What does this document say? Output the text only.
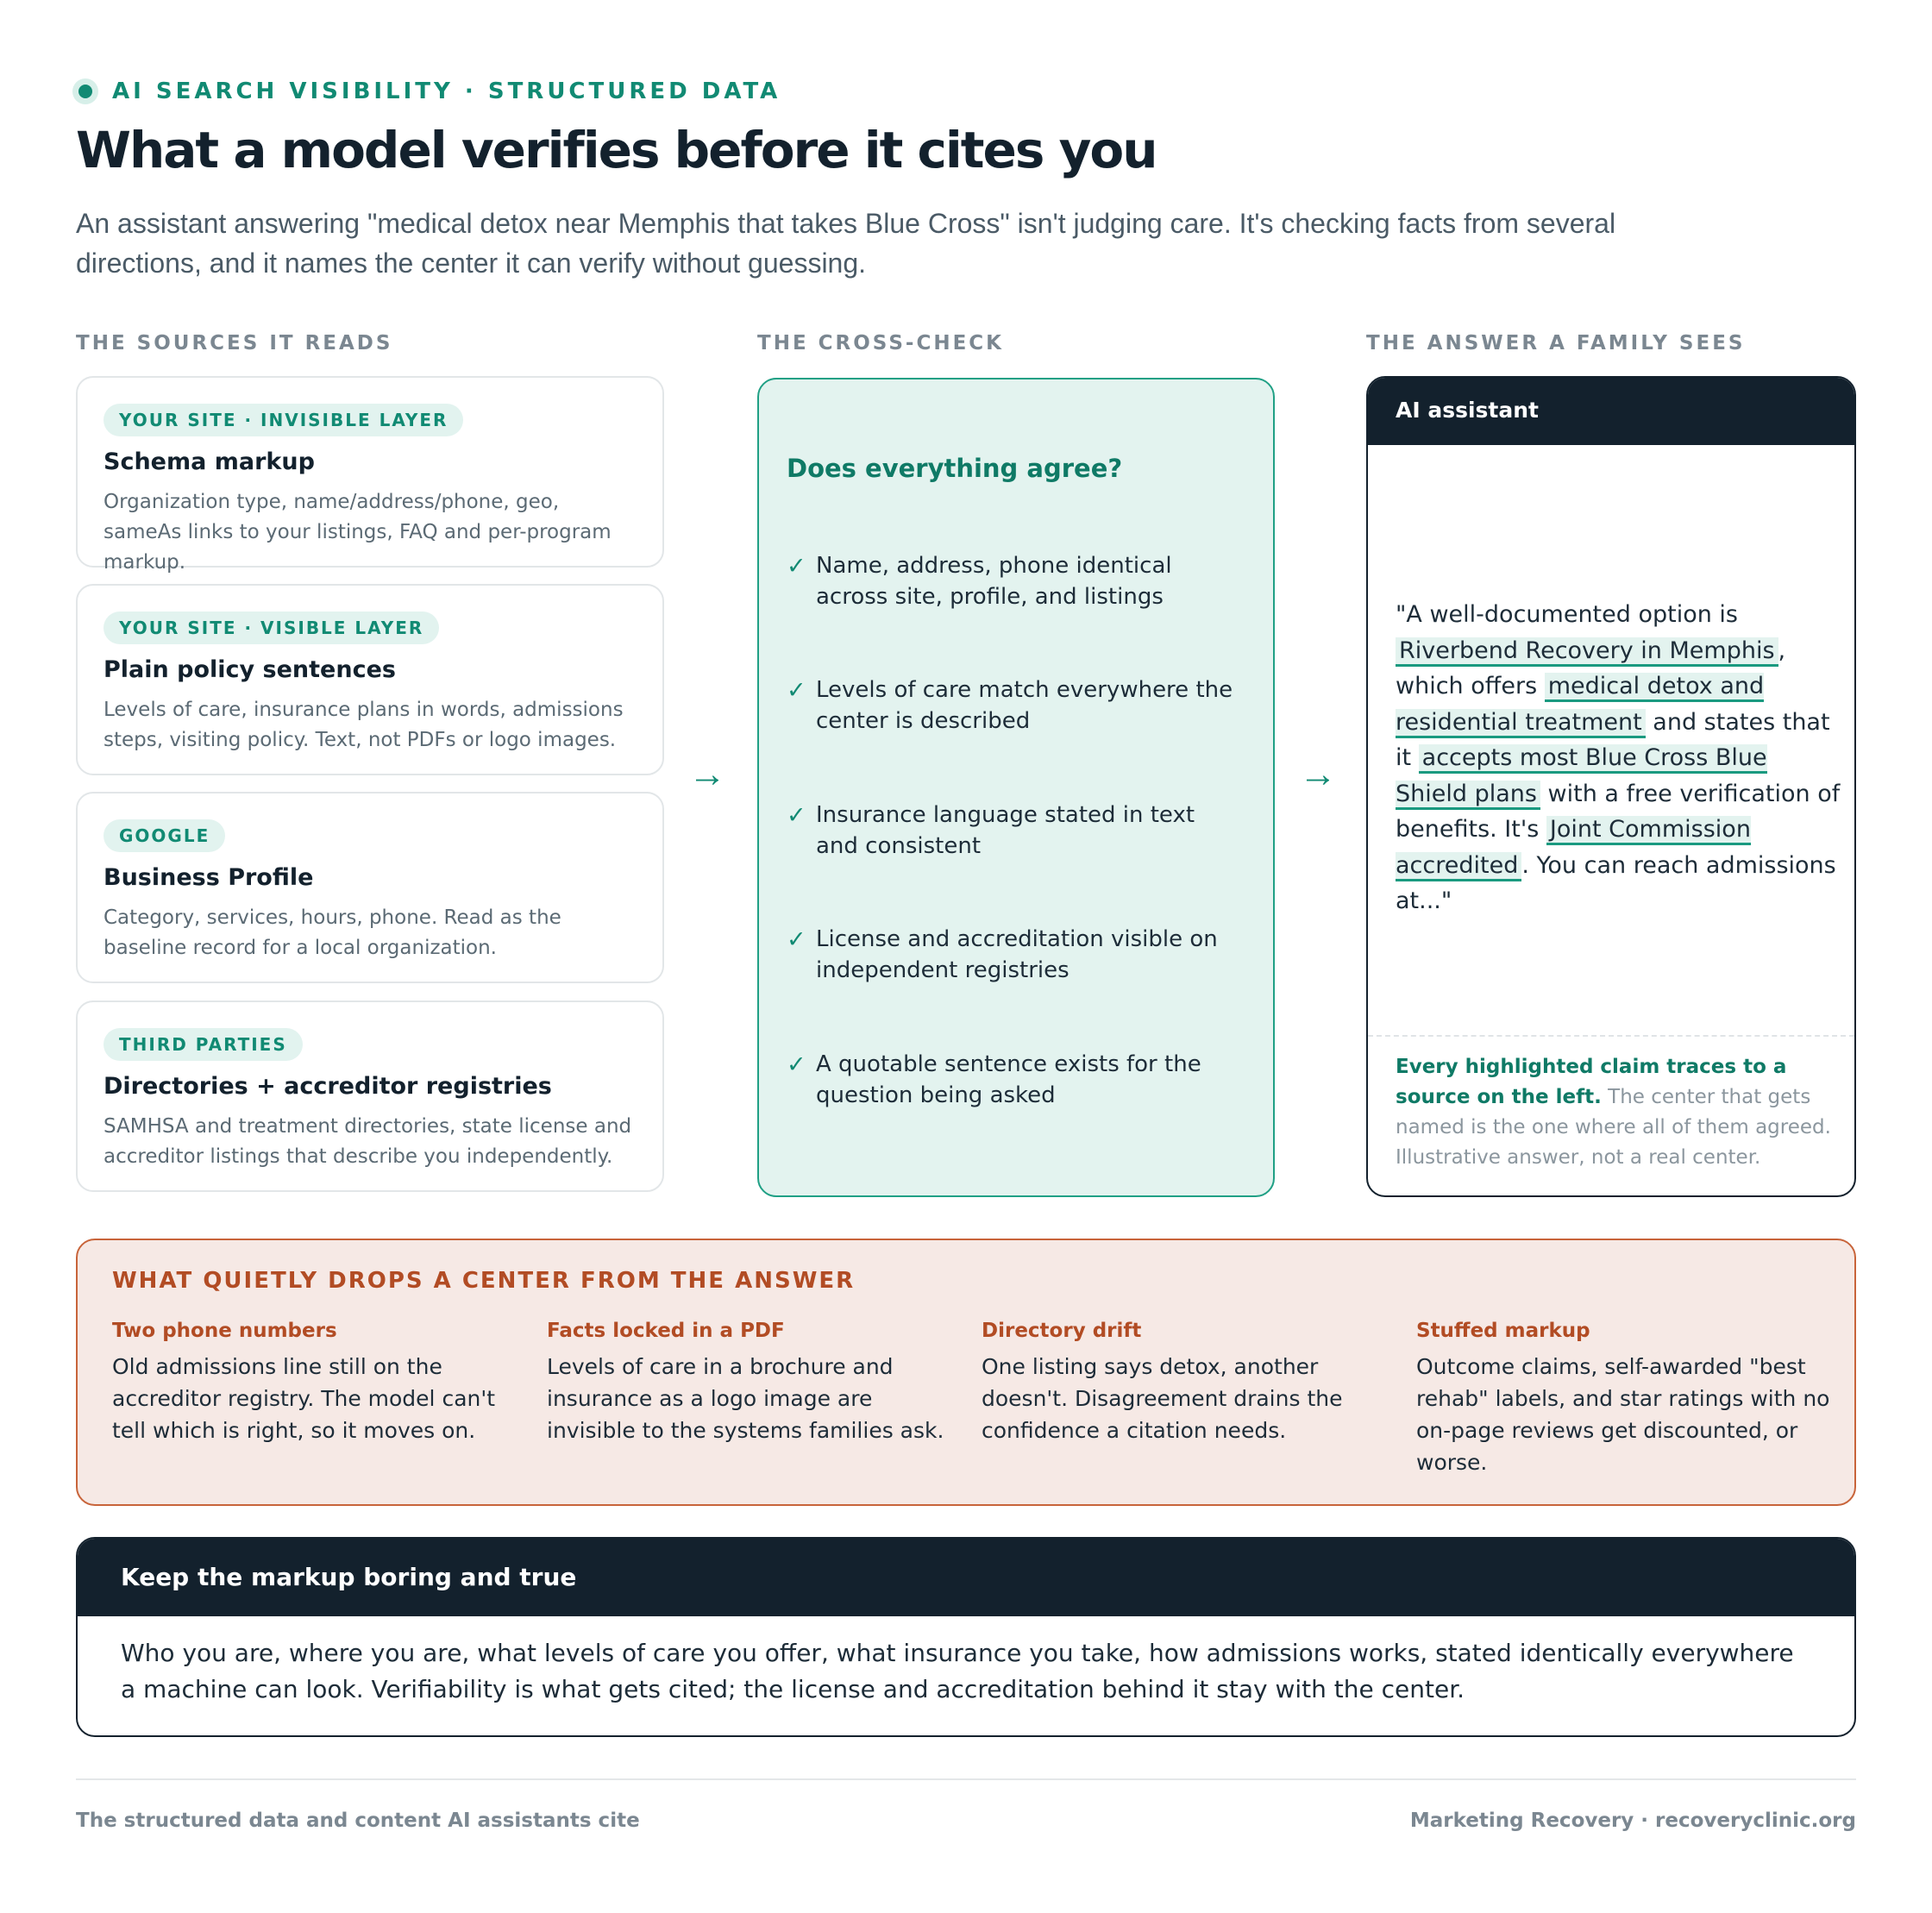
AI SEARCH VISIBILITY · STRUCTURED DATA
What a model verifies before it cites you

An assistant answering "medical detox near Memphis that takes Blue Cross" isn't judging care. It's checking facts from several directions, and it names the center it can verify without guessing.

THE SOURCES IT READS	THE CROSS-CHECK	THE ANSWER A FAMILY SEES
YOUR SITE · INVISIBLE LAYER
Schema markup
Organization type, name/address/phone, geo, sameAs links to your listings, FAQ and per-program markup.
YOUR SITE · VISIBLE LAYER
Plain policy sentences
Levels of care, insurance plans in words, admissions steps, visiting policy. Text, not PDFs or logo images.
GOOGLE
Business Profile
Category, services, hours, phone. Read as the baseline record for a local organization.
THIRD PARTIES
Directories + accreditor registries
SAMHSA and treatment directories, state license and accreditor listings that describe you independently.
→	→
Does everything agree?
✓ Name, address, phone identical across site, profile, and listings
✓ Levels of care match everywhere the center is described
✓ Insurance language stated in text and consistent
✓ License and accreditation visible on independent registries
✓ A quotable sentence exists for the question being asked
AI assistant
"A well-documented option is Riverbend Recovery in Memphis , which offers medical detox and residential treatment and states that it accepts most Blue Cross Blue Shield plans with a free verification of benefits. It's Joint Commission accredited . You can reach admissions at..."
Every highlighted claim traces to a source on the left. The center that gets named is the one where all of them agreed. Illustrative answer, not a real center.
WHAT QUIETLY DROPS A CENTER FROM THE ANSWER
Two phone numbers
Old admissions line still on the accreditor registry. The model can't tell which is right, so it moves on.
Facts locked in a PDF
Levels of care in a brochure and insurance as a logo image are invisible to the systems families ask.
Directory drift
One listing says detox, another doesn't. Disagreement drains the confidence a citation needs.
Stuffed markup
Outcome claims, self-awarded "best rehab" labels, and star ratings with no on-page reviews get discounted, or worse.
Keep the markup boring and true
Who you are, where you are, what levels of care you offer, what insurance you take, how admissions works, stated identically everywhere a machine can look. Verifiability is what gets cited; the license and accreditation behind it stay with the center.
The structured data and content AI assistants cite	Marketing Recovery · recoveryclinic.org
